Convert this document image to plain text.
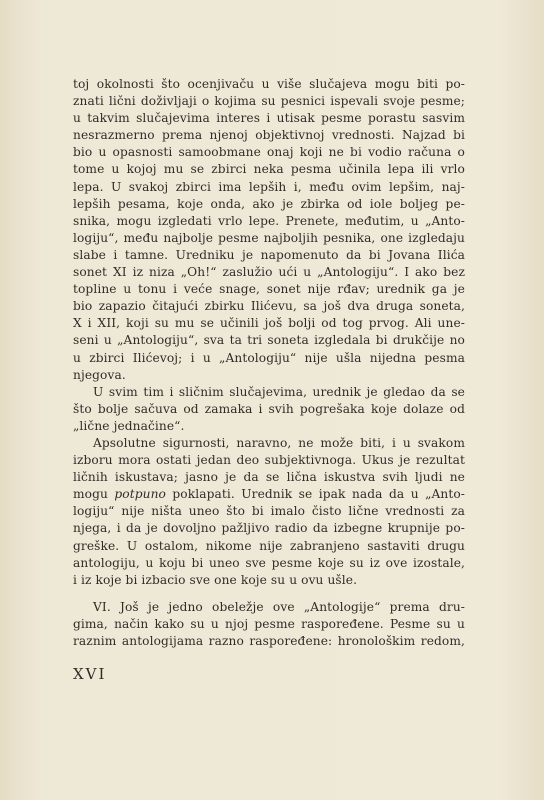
toj okolnosti što ocenjivaču u više slučajeva mogu biti po-
znati lični doživljaji o kojima su pesnici ispevali svoje pesme;
u takvim slučajevima interes i utisak pesme porastu sasvim
nesrazmerno prema njenoj objektivnoj vrednosti. Najzad bi
bio u opasnosti samoobmane onaj koji ne bi vodio računa o
tome u kojoj mu se zbirci neka pesma učinila lepa ili vrlo
lepa. U svakoj zbirci ima lepših i, među ovim lepšim, naj-
lepših pesama, koje onda, ako je zbirka od iole boljeg pe-
snika, mogu izgledati vrlo lepe. Prenete, međutim, u „Anto-
logiju“, među najbolje pesme najboljih pesnika, one izgledaju
slabe i tamne. Uredniku je napomenuto da bi Jovana Ilića
sonet XI iz niza „Oh!“ zaslužio ući u „Antologiju“. I ako bez
topline u tonu i veće snage, sonet nije rđav; urednik ga je
bio zapazio čitajući zbirku Ilićevu, sa još dva druga soneta,
X i XII, koji su mu se učinili još bolji od tog prvog. Ali une-
seni u „Antologiju“, sva ta tri soneta izgledala bi drukčije no
u zbirci Ilićevoj; i u „Antologiju“ nije ušla nijedna pesma
njegova.
U svim tim i sličnim slučajevima, urednik je gledao da se
što bolje sačuva od zamaka i svih pogrešaka koje dolaze od
„lične jednačine“.
Apsolutne sigurnosti, naravno, ne može biti, i u svakom
izboru mora ostati jedan deo subjektivnoga. Ukus je rezultat
ličnih iskustava; jasno je da se lična iskustva svih ljudi ne
mogu potpuno poklapati. Urednik se ipak nada da u „Anto-
logiju“ nije ništa uneo što bi imalo čisto lične vrednosti za
njega, i da je dovoljno pažljivo radio da izbegne krupnije po-
greške. U ostalom, nikome nije zabranjeno sastaviti drugu
antologiju, u koju bi uneo sve pesme koje su iz ove izostale,
i iz koje bi izbacio sve one koje su u ovu ušle.
VI. Još je jedno obeležje ove „Antologije“ prema dru-
gima, način kako su u njoj pesme raspoređene. Pesme su u
raznim antologijama razno raspoređene: hronološkim redom,
XVI
